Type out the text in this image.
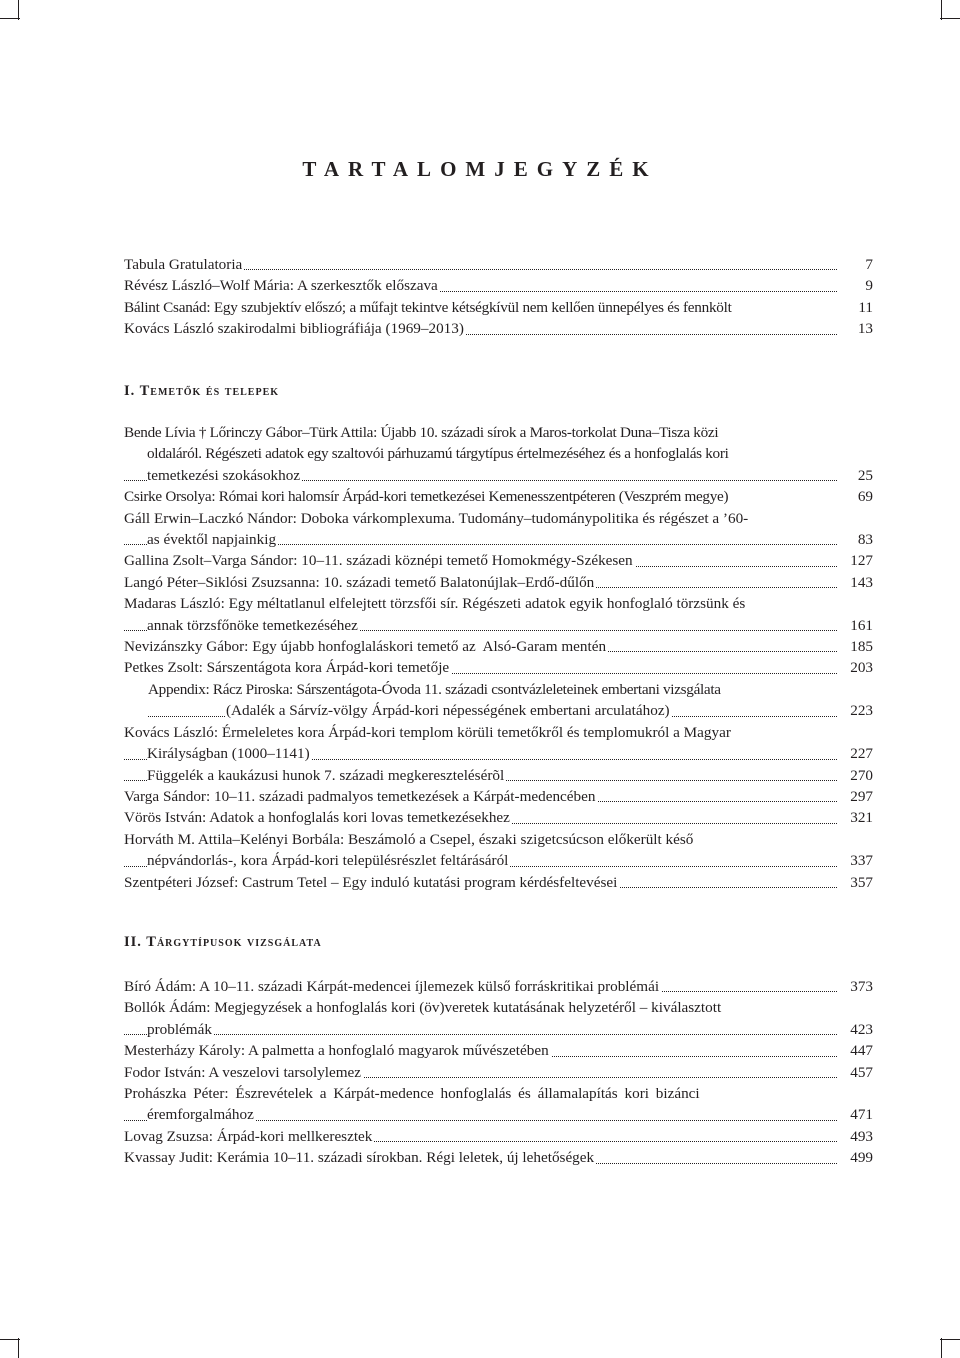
TARTALOMJEGYZÉK
Tabula Gratulatoria	7
Révész László–Wolf Mária: A szerkesztők előszava	9
Bálint Csanád: Egy szubjektív előszó; a műfajt tekintve kétségkívül nem kellően ünnepélyes és fennkölt	11
Kovács László szakirodalmi bibliográfiája (1969–2013)	13
I. Temetők és telepek
Bende Lívia † Lőrinczy Gábor–Türk Attila: Újabb 10. századi sírok a Maros-torkolat Duna–Tisza közi
oldaláról. Régészeti adatok egy szaltovói párhuzamú tárgytípus értelmezéséhez és a honfoglalás kori
temetkezési szokásokhoz	25
Csirke Orsolya: Római kori halomsír Árpád-kori temetkezései Kemenesszentpéteren (Veszprém megye)	69
Gáll Erwin–Laczkó Nándor: Doboka várkomplexuma. Tudomány–tudománypolitika és régészet a ’60-
as évektől napjainkig	83
Gallina Zsolt–Varga Sándor: 10–11. századi köznépi temető Homokmégy-Székesen	127
Langó Péter–Siklósi Zsuzsanna: 10. századi temető Balatonújlak–Erdő-dűlőn	143
Madaras László: Egy méltatlanul elfelejtett törzsfői sír. Régészeti adatok egyik honfoglaló törzsünk és
annak törzsfőnöke temetkezéséhez	161
Nevizánszky Gábor: Egy újabb honfoglaláskori temető az  Alsó-Garam mentén	185
Petkes Zsolt: Sárszentágota kora Árpád-kori temetője	203
Appendix: Rácz Piroska: Sárszentágota-Óvoda 11. századi csontvázleleteinek embertani vizsgálata
(Adalék a Sárvíz-völgy Árpád-kori népességének embertani arculatához)	223
Kovács László: Érmeleletes kora Árpád-kori templom körüli temetőkről és templomukról a Magyar
Királyságban (1000–1141)	227
Függelék a kaukázusi hunok 7. századi megkeresztelésérõl	270
Varga Sándor: 10–11. századi padmalyos temetkezések a Kárpát-medencében	297
Vörös István: Adatok a honfoglalás kori lovas temetkezésekhez	321
Horváth M. Attila–Kelényi Borbála: Beszámoló a Csepel, északi szigetcsúcson előkerült késő
népvándorlás-, kora Árpád-kori településrészlet feltárásáról	337
Szentpéteri József: Castrum Tetel – Egy induló kutatási program kérdésfeltevései	357
II. Tárgytípusok vizsgálata
Bíró Ádám: A 10–11. századi Kárpát-medencei íjlemezek külső forráskritikai problémái	373
Bollók Ádám: Megjegyzések a honfoglalás kori (öv)veretek kutatásának helyzetéről – kiválasztott
problémák	423
Mesterházy Károly: A palmetta a honfoglaló magyarok művészetében	447
Fodor István: A veszelovi tarsolylemez	457
Prohászka Péter: Észrevételek a Kárpát-medence honfoglalás és államalapítás kori bizánci
éremforgalmához	471
Lovag Zsuzsa: Árpád-kori mellkeresztek	493
Kvassay Judit: Kerámia 10–11. századi sírokban. Régi leletek, új lehetőségek	499
